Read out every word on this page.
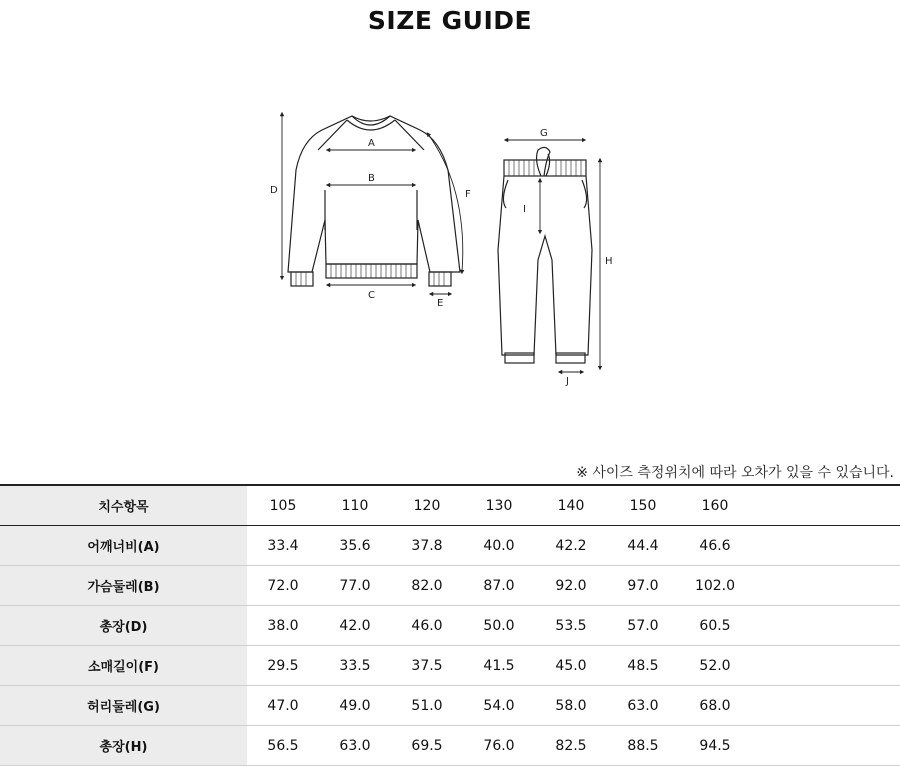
SIZE GUIDE
A
B
C
D
E
F
G
I
H
J
※ 사이즈 측정위치에 따라 오차가 있을 수 있습니다.
치수항목	105	110	120	130	140	150	160	
어깨너비(A)	33.4	35.6	37.8	40.0	42.2	44.4	46.6	
가슴둘레(B)	72.0	77.0	82.0	87.0	92.0	97.0	102.0	
총장(D)	38.0	42.0	46.0	50.0	53.5	57.0	60.5	
소매길이(F)	29.5	33.5	37.5	41.5	45.0	48.5	52.0	
허리둘레(G)	47.0	49.0	51.0	54.0	58.0	63.0	68.0	
총장(H)	56.5	63.0	69.5	76.0	82.5	88.5	94.5	
